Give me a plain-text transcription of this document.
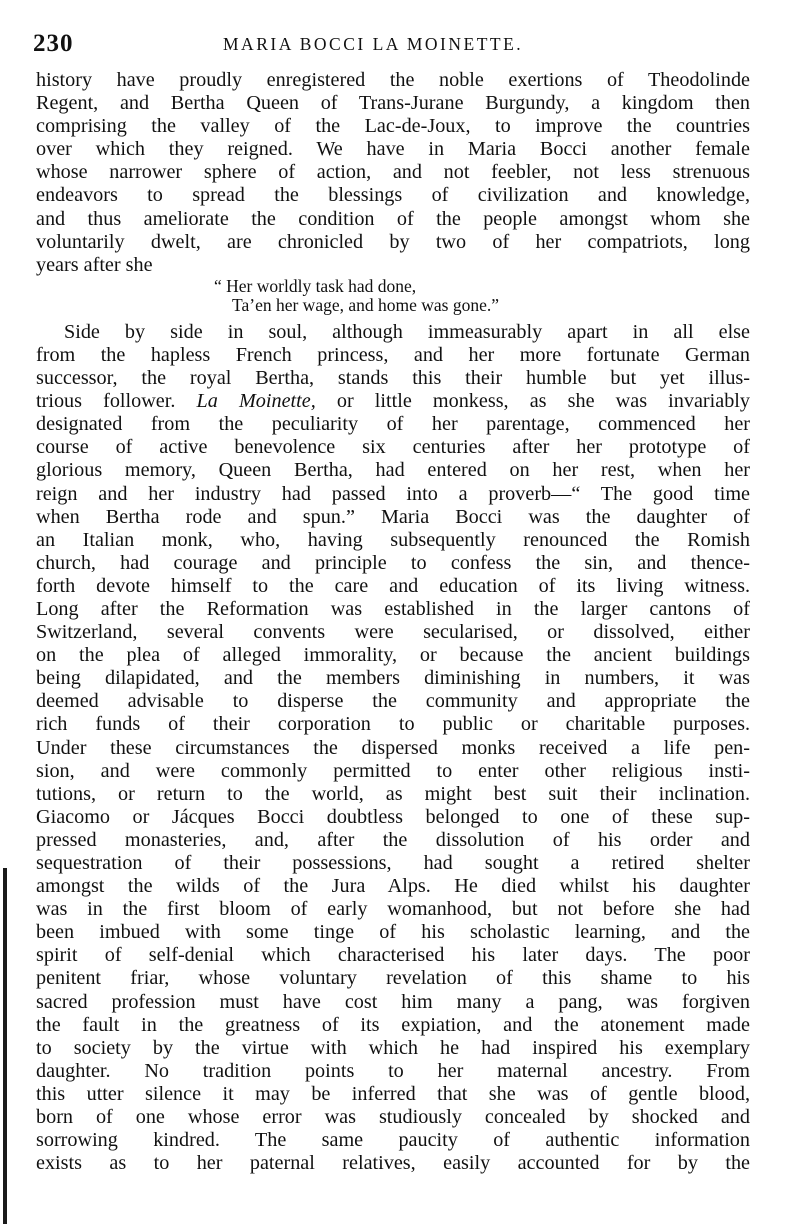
230	MARIA BOCCI LA MOINETTE.
history have proudly enregistered the noble exertions of Theodolinde
Regent, and Bertha Queen of Trans-Jurane Burgundy, a kingdom then
comprising the valley of the Lac-de-Joux, to improve the countries
over which they reigned. We have in Maria Bocci another female
whose narrower sphere of action, and not feebler, not less strenuous
endeavors to spread the blessings of civilization and knowledge,
and thus ameliorate the condition of the people amongst whom she
voluntarily dwelt, are chronicled by two of her compatriots, long
years after she
“ Her worldly task had done,
Ta’en her wage, and home was gone.”
Side by side in soul, although immeasurably apart in all else
from the hapless French princess, and her more fortunate German
successor, the royal Bertha, stands this their humble but yet illus-
trious follower. La Moinette, or little monkess, as she was invariably
designated from the peculiarity of her parentage, commenced her
course of active benevolence six centuries after her prototype of
glorious memory, Queen Bertha, had entered on her rest, when her
reign and her industry had passed into a proverb—“ The good time
when Bertha rode and spun.” Maria Bocci was the daughter of
an Italian monk, who, having subsequently renounced the Romish
church, had courage and principle to confess the sin, and thence-
forth devote himself to the care and education of its living witness.
Long after the Reformation was established in the larger cantons of
Switzerland, several convents were secularised, or dissolved, either
on the plea of alleged immorality, or because the ancient buildings
being dilapidated, and the members diminishing in numbers, it was
deemed advisable to disperse the community and appropriate the
rich funds of their corporation to public or charitable purposes.
Under these circumstances the dispersed monks received a life pen-
sion, and were commonly permitted to enter other religious insti-
tutions, or return to the world, as might best suit their inclination.
Giacomo or Jácques Bocci doubtless belonged to one of these sup-
pressed monasteries, and, after the dissolution of his order and
sequestration of their possessions, had sought a retired shelter
amongst the wilds of the Jura Alps. He died whilst his daughter
was in the first bloom of early womanhood, but not before she had
been imbued with some tinge of his scholastic learning, and the
spirit of self-denial which characterised his later days. The poor
penitent friar, whose voluntary revelation of this shame to his
sacred profession must have cost him many a pang, was forgiven
the fault in the greatness of its expiation, and the atonement made
to society by the virtue with which he had inspired his exemplary
daughter. No tradition points to her maternal ancestry. From
this utter silence it may be inferred that she was of gentle blood,
born of one whose error was studiously concealed by shocked and
sorrowing kindred. The same paucity of authentic information
exists as to her paternal relatives, easily accounted for by the
